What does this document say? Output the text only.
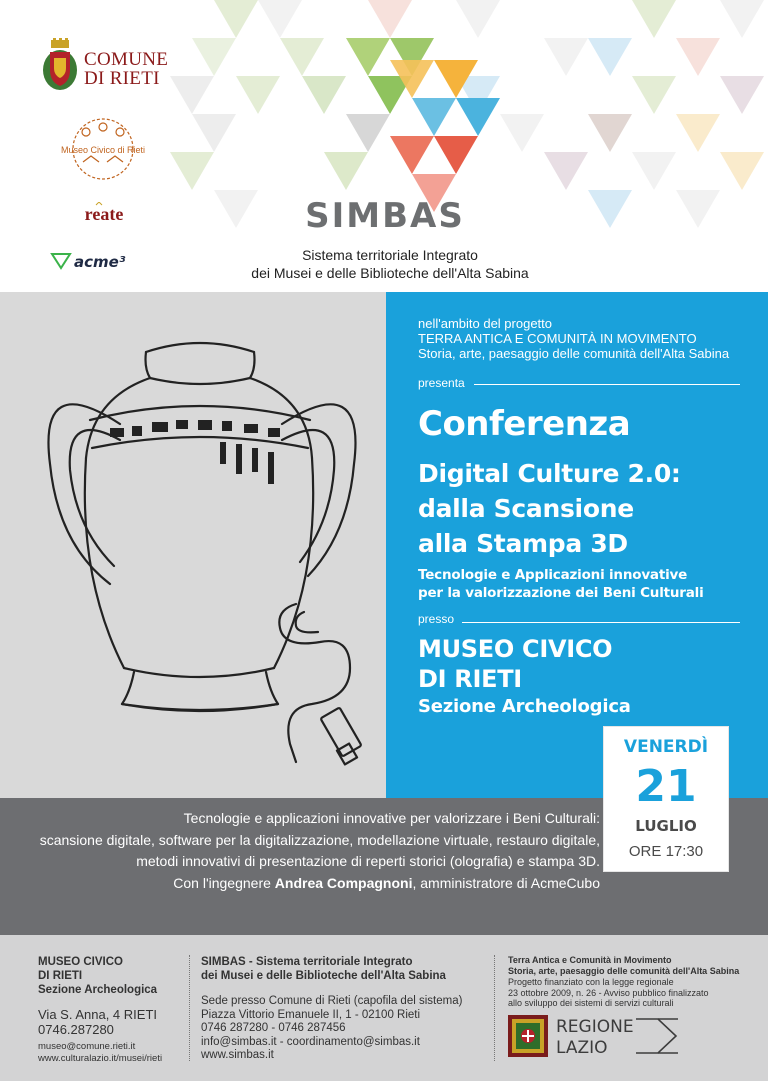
COMUNE
DI RIETI
Museo Civico di Rieti
reate
acme³
SIMBAS
Sistema territoriale Integrato
dei Musei e delle Biblioteche dell'Alta Sabina
nell'ambito del progetto
TERRA ANTICA E COMUNITÀ IN MOVIMENTO
Storia, arte, paesaggio delle comunità dell'Alta Sabina
presenta
Conferenza
Digital Culture 2.0:
dalla Scansione
alla Stampa 3D
Tecnologie e Applicazioni innovative
per la valorizzazione dei Beni Culturali
presso
MUSEO CIVICO
DI RIETI
Sezione Archeologica
Tecnologie e applicazioni innovative per valorizzare i Beni Culturali:
scansione digitale, software per la digitalizzazione, modellazione virtuale, restauro digitale,
metodi innovativi di presentazione di reperti storici (olografia) e stampa 3D.
Con l'ingegnere Andrea Compagnoni, amministratore di AcmeCubo
VENERDÌ
21
LUGLIO
ORE 17:30
MUSEO CIVICO
DI RIETI
Sezione Archeologica
Via S. Anna, 4 RIETI
0746.287280
museo@comune.rieti.it
www.culturalazio.it/musei/rieti
SIMBAS - Sistema territoriale Integrato
dei Musei e delle Biblioteche dell'Alta Sabina
Sede presso Comune di Rieti (capofila del sistema)
Piazza Vittorio Emanuele II, 1 - 02100 Rieti
0746 287280 - 0746 287456
info@simbas.it - coordinamento@simbas.it
www.simbas.it
Terra Antica e Comunità in Movimento
Storia, arte, paesaggio delle comunità dell'Alta Sabina
Progetto finanziato con la legge regionale
23 ottobre 2009, n. 26 - Avviso pubblico finalizzato
allo sviluppo dei sistemi di servizi culturali
REGIONE
LAZIO
